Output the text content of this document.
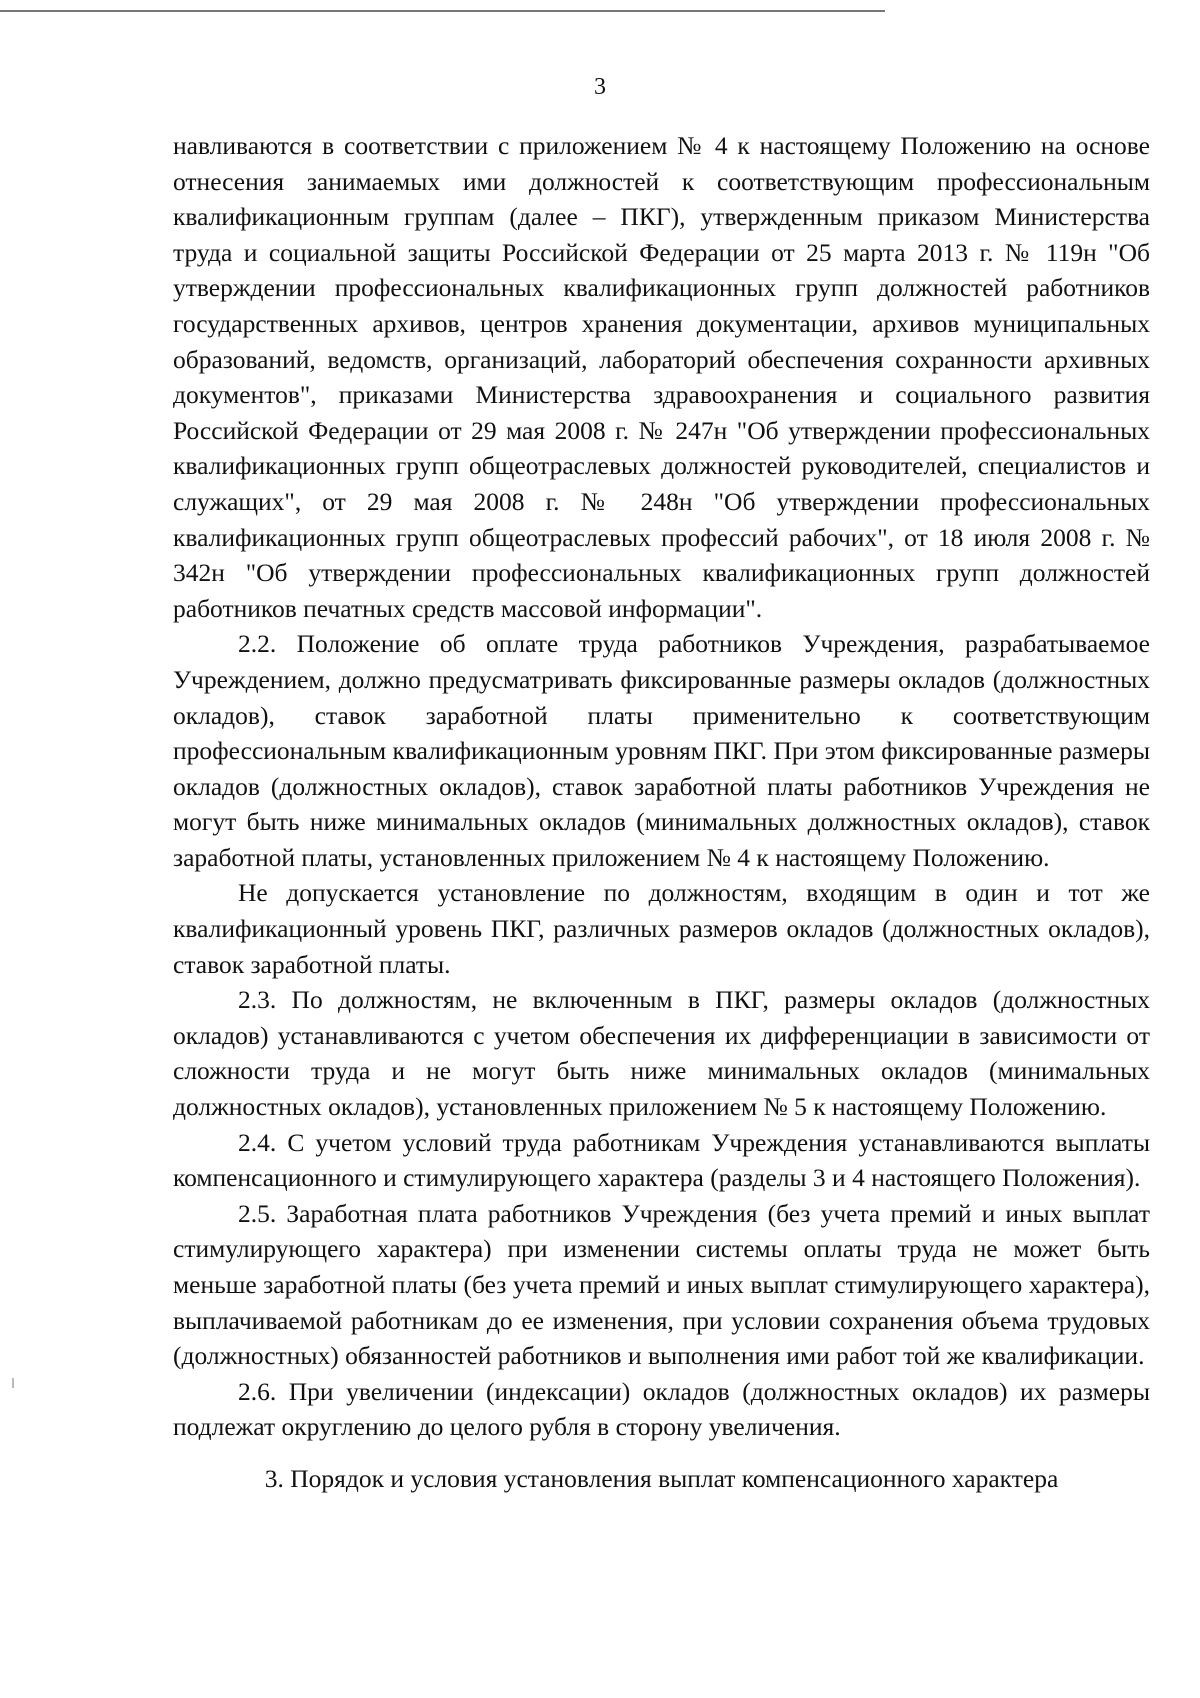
3

навливаются в соответствии с приложением № 4 к настоящему Положению на основе отнесения занимаемых ими должностей к соответствующим профессиональным квалификационным группам (далее – ПКГ), утвержденным приказом Министерства труда и социальной защиты Российской Федерации от 25 марта 2013 г. № 119н "Об утверждении профессиональных квалификационных групп должностей работников государственных архивов, центров хранения документации, архивов муниципальных образований, ведомств, организаций, лабораторий обеспечения сохранности архивных документов", приказами Министерства здравоохранения и социального развития Российской Федерации от 29 мая 2008 г. № 247н "Об утверждении профессиональных квалификационных групп общеотраслевых должностей руководителей, специалистов и служащих", от 29 мая 2008 г. № 248н "Об утверждении профессиональных квалификационных групп общеотраслевых профессий рабочих", от 18 июля 2008 г. № 342н "Об утверждении профессиональных квалификационных групп должностей работников печатных средств массовой информации".

2.2. Положение об оплате труда работников Учреждения, разрабатываемое Учреждением, должно предусматривать фиксированные размеры окладов (должностных окладов), ставок заработной платы применительно к соответствующим профессиональным квалификационным уровням ПКГ. При этом фиксированные размеры окладов (должностных окладов), ставок заработной платы работников Учреждения не могут быть ниже минимальных окладов (минимальных должностных окладов), ставок заработной платы, установленных приложением № 4 к настоящему Положению.

Не допускается установление по должностям, входящим в один и тот же квалификационный уровень ПКГ, различных размеров окладов (должностных окладов), ставок заработной платы.

2.3. По должностям, не включенным в ПКГ, размеры окладов (должностных окладов) устанавливаются с учетом обеспечения их дифференциации в зависимости от сложности труда и не могут быть ниже минимальных окладов (минимальных должностных окладов), установленных приложением № 5 к настоящему Положению.

2.4. С учетом условий труда работникам Учреждения устанавливаются выплаты компенсационного и стимулирующего характера (разделы 3 и 4 настоящего Положения).

2.5. Заработная плата работников Учреждения (без учета премий и иных выплат стимулирующего характера) при изменении системы оплаты труда не может быть меньше заработной платы (без учета премий и иных выплат стимулирующего характера), выплачиваемой работникам до ее изменения, при условии сохранения объема трудовых (должностных) обязанностей работников и выполнения ими работ той же квалификации.

2.6. При увеличении (индексации) окладов (должностных окладов) их размеры подлежат округлению до целого рубля в сторону увеличения.

3. Порядок и условия установления выплат компенсационного характера
